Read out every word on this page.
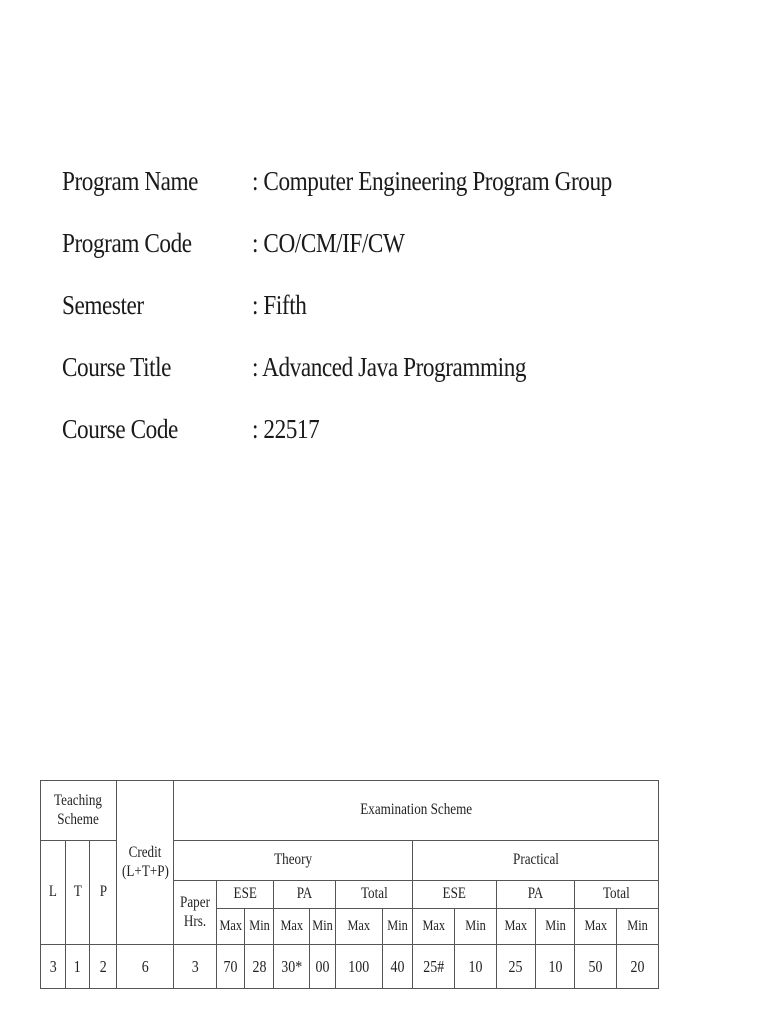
Program Name	: Computer Engineering Program Group
Program Code	: CO/CM/IF/CW
Semester	: Fifth
Course Title	: Advanced Java Programming
Course Code	: 22517
Teaching Scheme			Credit (L+T+P)	Examination Scheme												
L	T	P		Theory							Practical					
				Paper Hrs.	ESE		PA		Total		ESE		PA		Total	
					Max	Min	Max	Min	Max	Min	Max	Min	Max	Min	Max	Min
3	1	2	6	3	70	28	30*	00	100	40	25#	10	25	10	50	20
